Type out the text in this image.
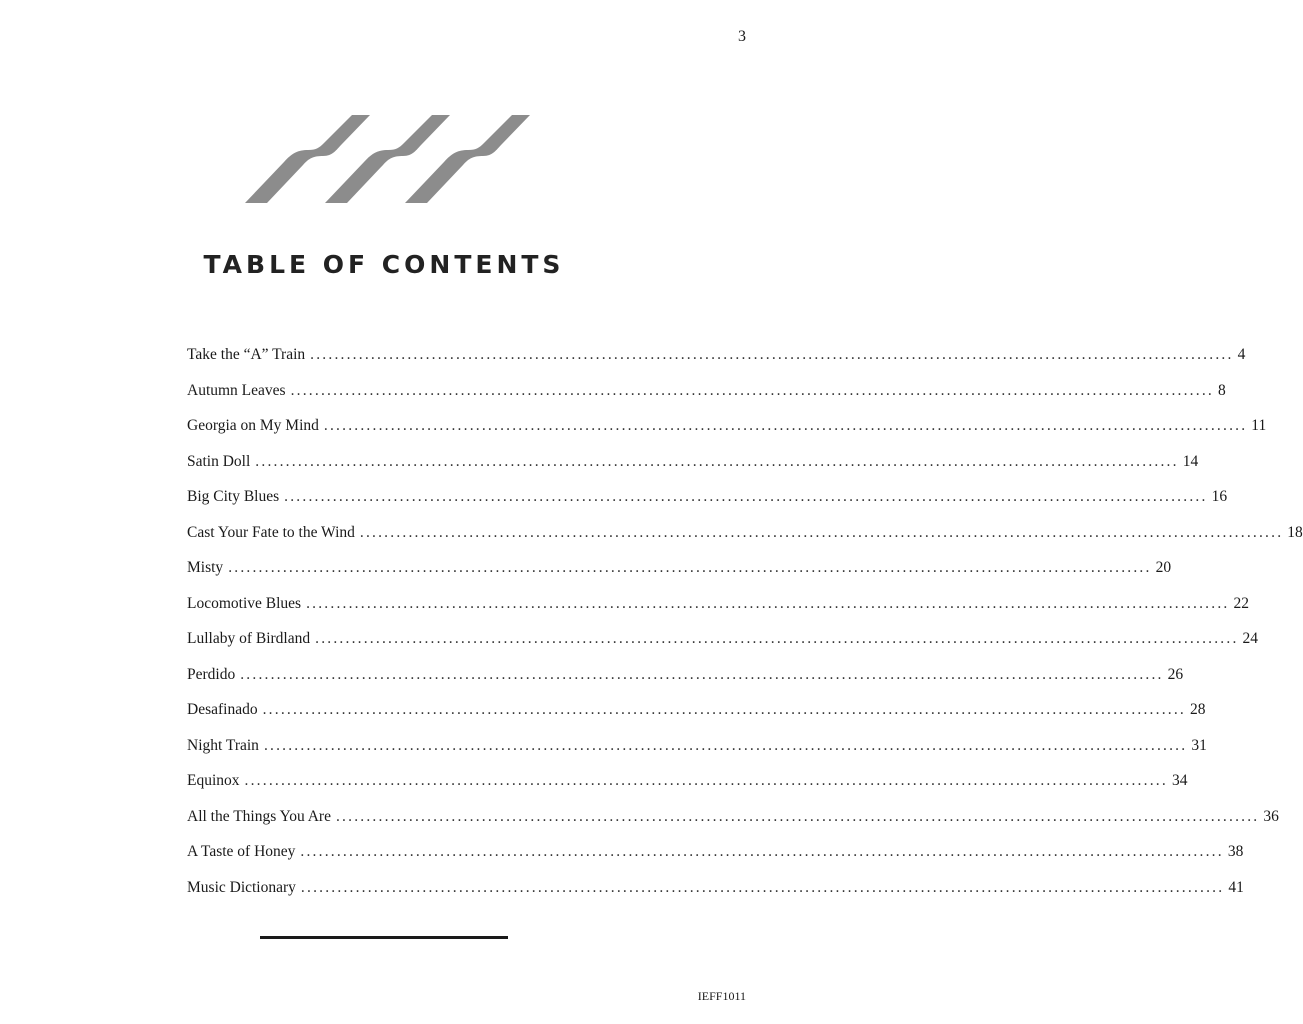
3
TABLE OF CONTENTS
Take the “A” Train ........................................................................................................................................................ 4
Autumn Leaves ........................................................................................................................................................ 8
Georgia on My Mind ........................................................................................................................................................ 11
Satin Doll ........................................................................................................................................................ 14
Big City Blues ........................................................................................................................................................ 16
Cast Your Fate to the Wind ........................................................................................................................................................ 18
Misty ........................................................................................................................................................ 20
Locomotive Blues ........................................................................................................................................................ 22
Lullaby of Birdland ........................................................................................................................................................ 24
Perdido ........................................................................................................................................................ 26
Desafinado ........................................................................................................................................................ 28
Night Train ........................................................................................................................................................ 31
Equinox ........................................................................................................................................................ 34
All the Things You Are ........................................................................................................................................................ 36
A Taste of Honey ........................................................................................................................................................ 38
Music Dictionary ........................................................................................................................................................ 41
IEFF1011
